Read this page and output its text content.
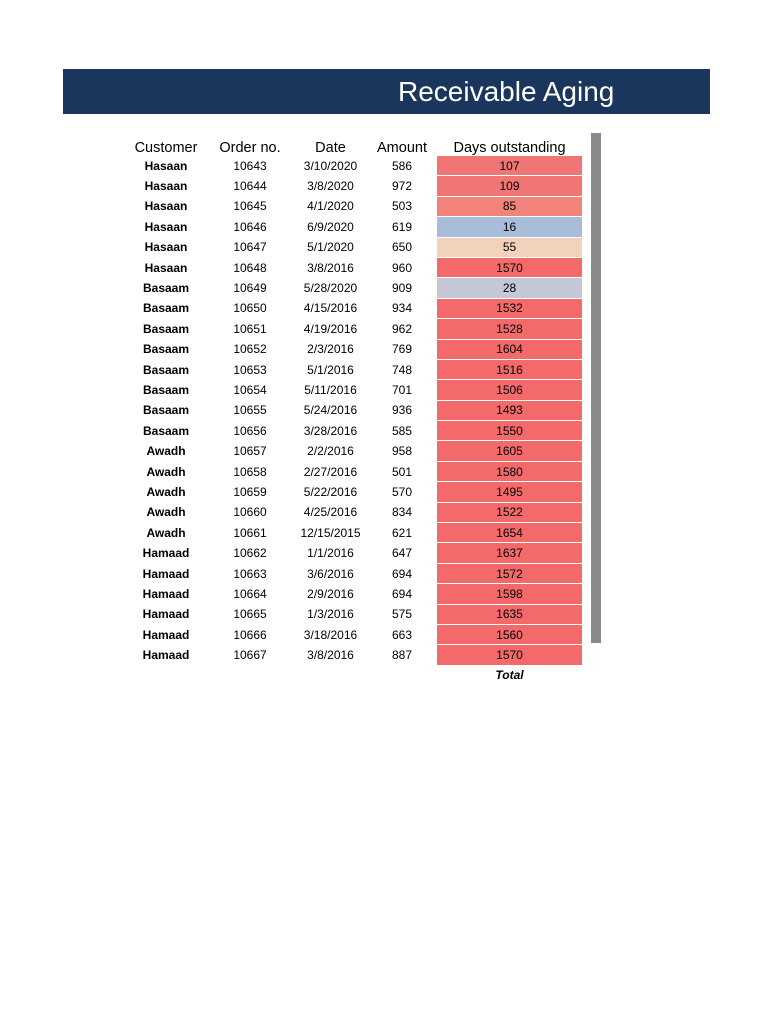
Receivable Aging
Customer	Order no.	Date	Amount	Days outstanding
Hasaan	10643	3/10/2020	586	107
Hasaan	10644	3/8/2020	972	109
Hasaan	10645	4/1/2020	503	85
Hasaan	10646	6/9/2020	619	16
Hasaan	10647	5/1/2020	650	55
Hasaan	10648	3/8/2016	960	1570
Basaam	10649	5/28/2020	909	28
Basaam	10650	4/15/2016	934	1532
Basaam	10651	4/19/2016	962	1528
Basaam	10652	2/3/2016	769	1604
Basaam	10653	5/1/2016	748	1516
Basaam	10654	5/11/2016	701	1506
Basaam	10655	5/24/2016	936	1493
Basaam	10656	3/28/2016	585	1550
Awadh	10657	2/2/2016	958	1605
Awadh	10658	2/27/2016	501	1580
Awadh	10659	5/22/2016	570	1495
Awadh	10660	4/25/2016	834	1522
Awadh	10661	12/15/2015	621	1654
Hamaad	10662	1/1/2016	647	1637
Hamaad	10663	3/6/2016	694	1572
Hamaad	10664	2/9/2016	694	1598
Hamaad	10665	1/3/2016	575	1635
Hamaad	10666	3/18/2016	663	1560
Hamaad	10667	3/8/2016	887	1570
				Total
